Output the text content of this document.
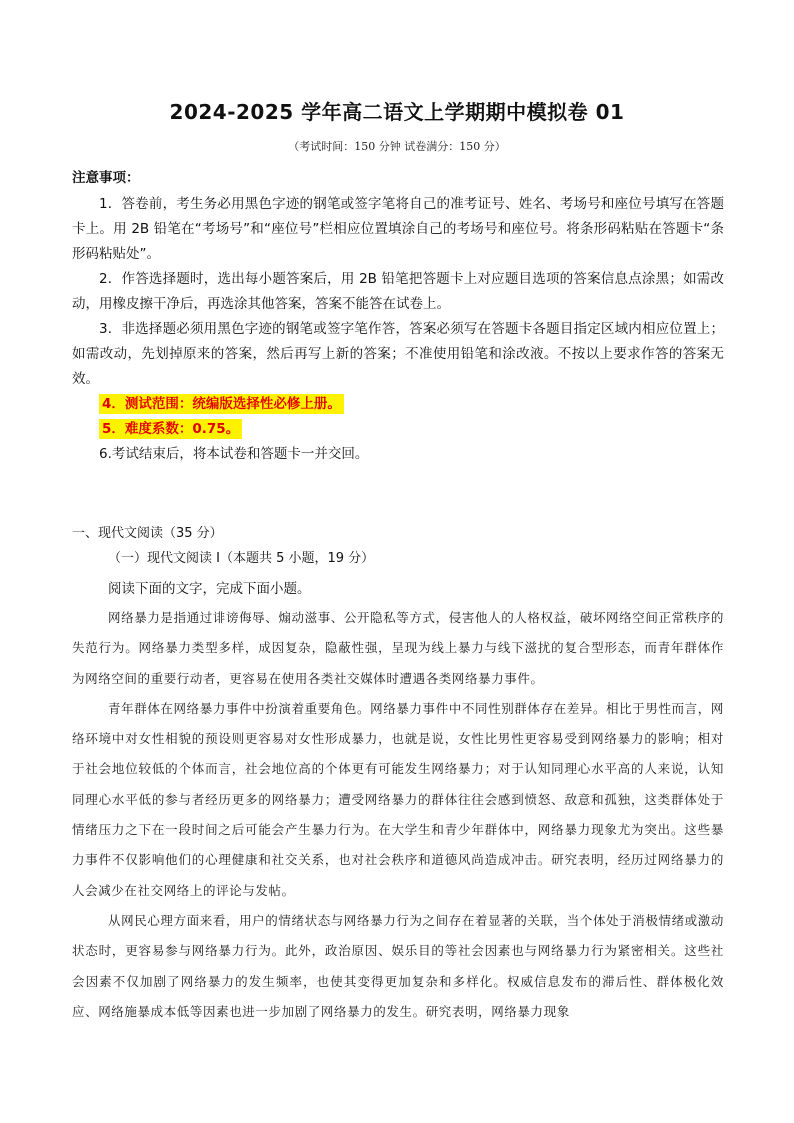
2024-2025 学年高二语文上学期期中模拟卷 01
（考试时间：150 分钟 试卷满分：150 分）
注意事项：

1．答卷前，考生务必用黑色字迹的钢笔或签字笔将自己的准考证号、姓名、考场号和座位号填写在答题卡上。用 2B 铅笔在“考场号”和“座位号”栏相应位置填涂自己的考场号和座位号。将条形码粘贴在答题卡“条形码粘贴处”。

2．作答选择题时，选出每小题答案后，用 2B 铅笔把答题卡上对应题目选项的答案信息点涂黑；如需改动，用橡皮擦干净后，再选涂其他答案，答案不能答在试卷上。

3．非选择题必须用黑色字迹的钢笔或签字笔作答，答案必须写在答题卡各题目指定区域内相应位置上；如需改动，先划掉原来的答案，然后再写上新的答案；不准使用铅笔和涂改液。不按以上要求作答的答案无效。

4．测试范围：统编版选择性必修上册。

5．难度系数：0.75。

6.考试结束后，将本试卷和答题卡一并交回。

一、现代文阅读（35 分）
（一）现代文阅读 I（本题共 5 小题，19 分）
阅读下面的文字，完成下面小题。

网络暴力是指通过诽谤侮辱、煽动滋事、公开隐私等方式，侵害他人的人格权益，破坏网络空间正常秩序的失范行为。网络暴力类型多样，成因复杂，隐蔽性强，呈现为线上暴力与线下滋扰的复合型形态，而青年群体作为网络空间的重要行动者，更容易在使用各类社交媒体时遭遇各类网络暴力事件。

青年群体在网络暴力事件中扮演着重要角色。网络暴力事件中不同性别群体存在差异。相比于男性而言，网络环境中对女性相貌的预设则更容易对女性形成暴力，也就是说，女性比男性更容易受到网络暴力的影响；相对于社会地位较低的个体而言，社会地位高的个体更有可能发生网络暴力；对于认知同理心水平高的人来说，认知同理心水平低的参与者经历更多的网络暴力；遭受网络暴力的群体往往会感到愤怒、敌意和孤独，这类群体处于情绪压力之下在一段时间之后可能会产生暴力行为。在大学生和青少年群体中，网络暴力现象尤为突出。这些暴力事件不仅影响他们的心理健康和社交关系，也对社会秩序和道德风尚造成冲击。研究表明，经历过网络暴力的人会减少在社交网络上的评论与发帖。

从网民心理方面来看，用户的情绪状态与网络暴力行为之间存在着显著的关联，当个体处于消极情绪或激动状态时，更容易参与网络暴力行为。此外，政治原因、娱乐目的等社会因素也与网络暴力行为紧密相关。这些社会因素不仅加剧了网络暴力的发生频率，也使其变得更加复杂和多样化。权威信息发布的滞后性、群体极化效应、网络施暴成本低等因素也进一步加剧了网络暴力的发生。研究表明，网络暴力现象
